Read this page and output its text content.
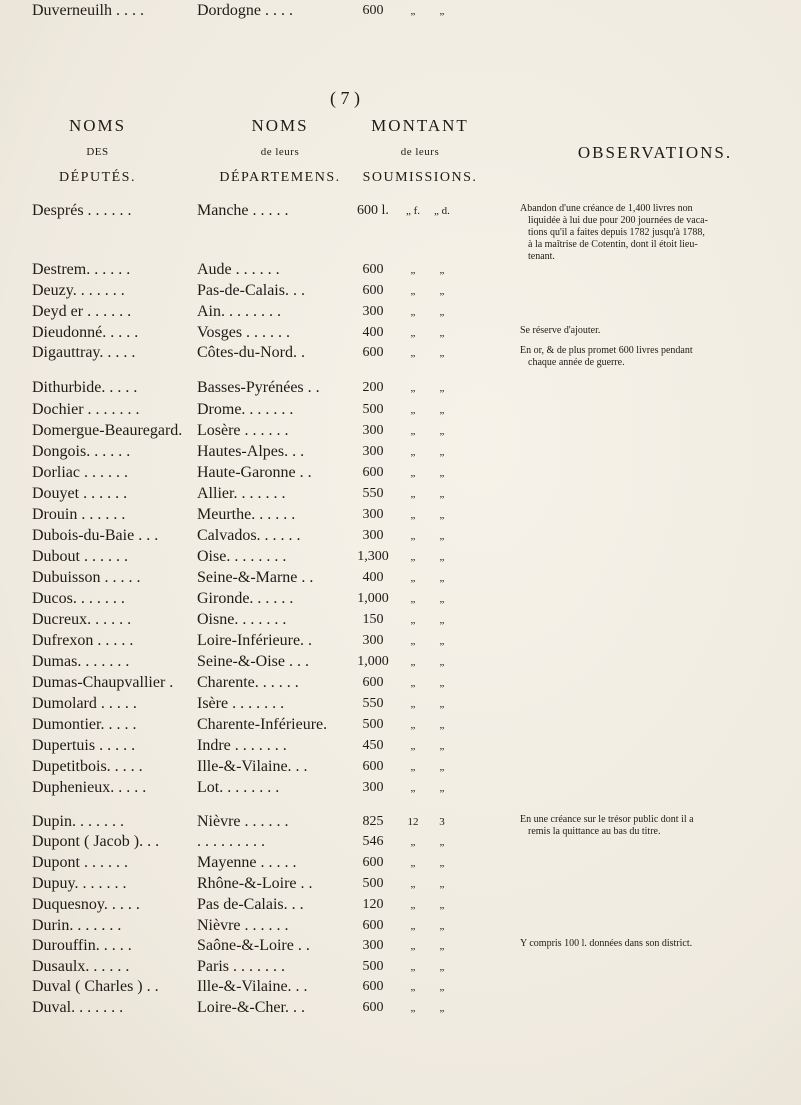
( 7 )
NOMS
DES
DÉPUTÉS.
NOMS
de leurs
DÉPARTEMENS.
MONTANT
de leurs
SOUMISSIONS.
OBSERVATIONS.
Després . . . . . .	Manche . . . . .	600 l.	„ f.	„ d.	Abandon d'une créance de 1,400 livres non
liquidée à lui due pour 200 journées de vaca-
tions qu'il a faites depuis 1782 jusqu'à 1788,
à la maîtrise de Cotentin, dont il étoit lieu-
tenant.
Destrem. . . . . .	Aude . . . . . .	600	„	„
Deuzy. . . . . . .	Pas-de-Calais. . .	600	„	„
Deyd er . . . . . .	Ain. . . . . . . .	300	„	„
Dieudonné. . . . .	Vosges . . . . . .	400	„	„	Se réserve d'ajouter.
Digauttray. . . . .	Côtes-du-Nord. .	600	„	„	En or, & de plus promet 600 livres pendant
chaque année de guerre.
Dithurbide. . . . .	Basses-Pyrénées . .	200	„	„
Dochier . . . . . . .	Drome. . . . . . .	500	„	„
Domergue-Beauregard. Losère . . . . . .	300	„	„
Dongois. . . . . .	Hautes-Alpes. . .	300	„	„
Dorliac . . . . . .	Haute-Garonne . .	600	„	„
Douyet . . . . . .	Allier. . . . . . .	550	„	„
Drouin . . . . . .	Meurthe. . . . . .	300	„	„
Dubois-du-Baie . . .	Calvados. . . . . .	300	„	„
Dubout . . . . . .	Oise. . . . . . . .	1,300	„	„
Dubuisson . . . . .	Seine-&-Marne . .	400	„	„
Ducos. . . . . . .	Gironde. . . . . .	1,000	„	„
Ducreux. . . . . .	Oisne. . . . . . .	150	„	„
Dufrexon . . . . .	Loire-Inférieure. .	300	„	„
Dumas. . . . . . .	Seine-&-Oise . . .	1,000	„	„
Dumas-Chaupvallier .	Charente. . . . . .	600	„	„
Dumolard . . . . .	Isère . . . . . . .	550	„	„
Dumontier. . . . .	Charente-Inférieure.	500	„	„
Dupertuis . . . . .	Indre . . . . . . .	450	„	„
Dupetitbois. . . . .	Ille-&-Vilaine. . .	600	„	„
Duphenieux. . . . .	Lot. . . . . . . .	300	„	„
Dupin. . . . . . .	Nièvre . . . . . .	825	12	3	En une créance sur le trésor public dont il a
remis la quittance au bas du titre.
Dupont ( Jacob ). . .	. . . . . . . . .	546	„	„
Dupont . . . . . .	Mayenne . . . . .	600	„	„
Dupuy. . . . . . .	Rhône-&-Loire . .	500	„	„
Duquesnoy. . . . .	Pas de-Calais. . .	120	„	„
Durin. . . . . . .	Nièvre . . . . . .	600	„	„
Durouffin. . . . .	Saône-&-Loire . .	300	„	„	Y compris 100 l. données dans son district.
Dusaulx. . . . . .	Paris . . . . . . .	500	„	„
Duval ( Charles ) . .	Ille-&-Vilaine. . .	600	„	„
Duval. . . . . . .	Loire-&-Cher. . .	600	„	„
Duverneuilh . . . .	Dordogne . . . .	600	„	„
